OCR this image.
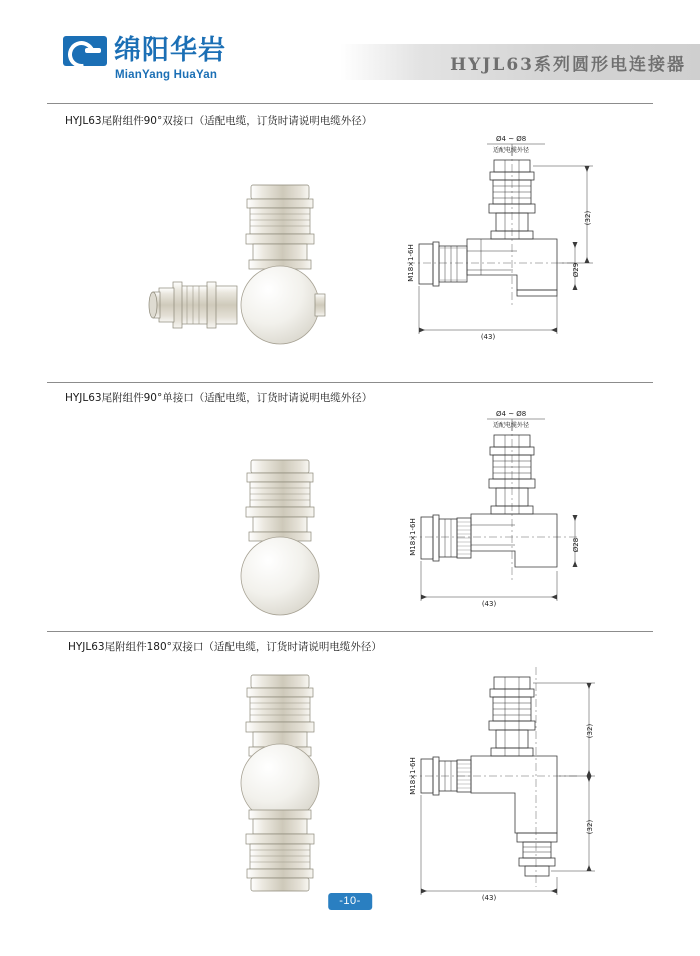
绵阳华岩
MianYang HuaYan	HYJL63系列圆形电连接器
HYJL63尾附组件90°双接口（适配电缆，订货时请说明电缆外径）
Ø4 ~ Ø8
适配电缆外径
(32)
Ø29
(43)
M18×1-6H
HYJL63尾附组件90°单接口（适配电缆，订货时请说明电缆外径）
Ø4 ~ Ø8
适配电缆外径
Ø28
(43)
M18×1-6H
HYJL63尾附组件180°双接口（适配电缆，订货时请说明电缆外径）
(32)
(32)
(43)
M18×1-6H
-10-
